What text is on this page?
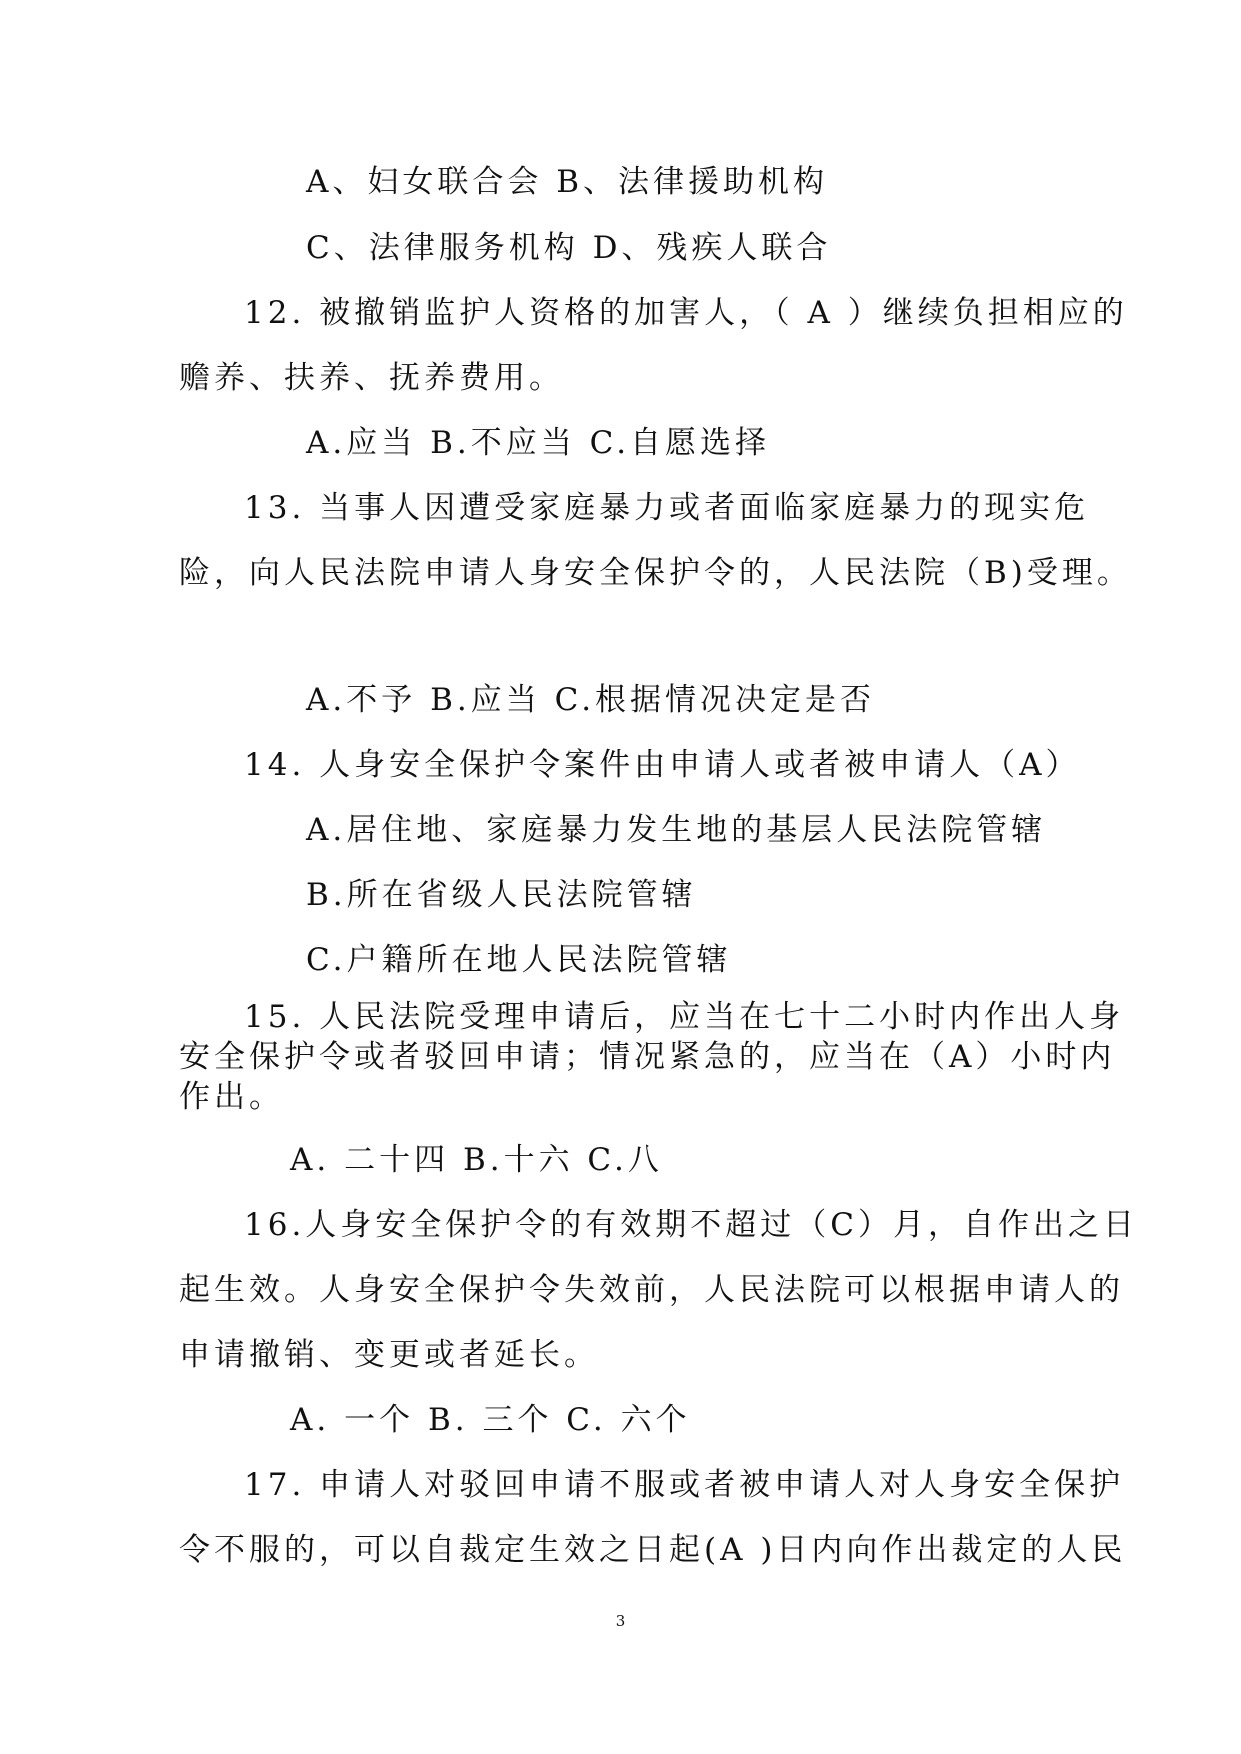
A、妇女联合会 B、法律援助机构
C、法律服务机构 D、残疾人联合
12. 被撤销监护人资格的加害人，（ A ）继续负担相应的
赡养、扶养、抚养费用。
A.应当 B.不应当 C.自愿选择
13. 当事人因遭受家庭暴力或者面临家庭暴力的现实危
险，向人民法院申请人身安全保护令的，人民法院（B)受理。
A.不予 B.应当 C.根据情况决定是否
14. 人身安全保护令案件由申请人或者被申请人（A）
A.居住地、家庭暴力发生地的基层人民法院管辖
B.所在省级人民法院管辖
C.户籍所在地人民法院管辖
15. 人民法院受理申请后，应当在七十二小时内作出人身
安全保护令或者驳回申请；情况紧急的，应当在（A）小时内
作出。
A. 二十四 B.十六 C.八
16.人身安全保护令的有效期不超过（C）月，自作出之日
起生效。人身安全保护令失效前，人民法院可以根据申请人的
申请撤销、变更或者延长。
A. 一个 B. 三个 C. 六个
17. 申请人对驳回申请不服或者被申请人对人身安全保护
令不服的，可以自裁定生效之日起(A )日内向作出裁定的人民
3
